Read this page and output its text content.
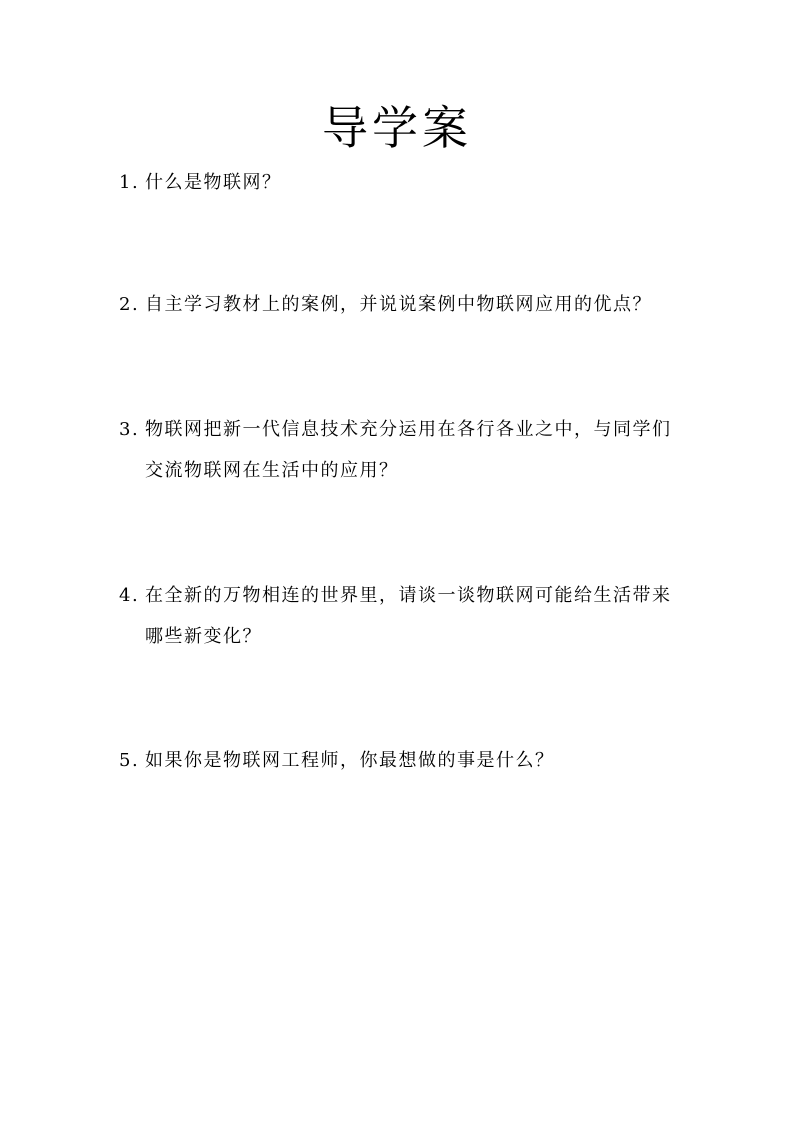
导学案
1. 什么是物联网？
2. 自主学习教材上的案例，并说说案例中物联网应用的优点？
3. 物联网把新一代信息技术充分运用在各行各业之中，与同学们交流物联网在生活中的应用？
4. 在全新的万物相连的世界里，请谈一谈物联网可能给生活带来哪些新变化？
5. 如果你是物联网工程师，你最想做的事是什么？
